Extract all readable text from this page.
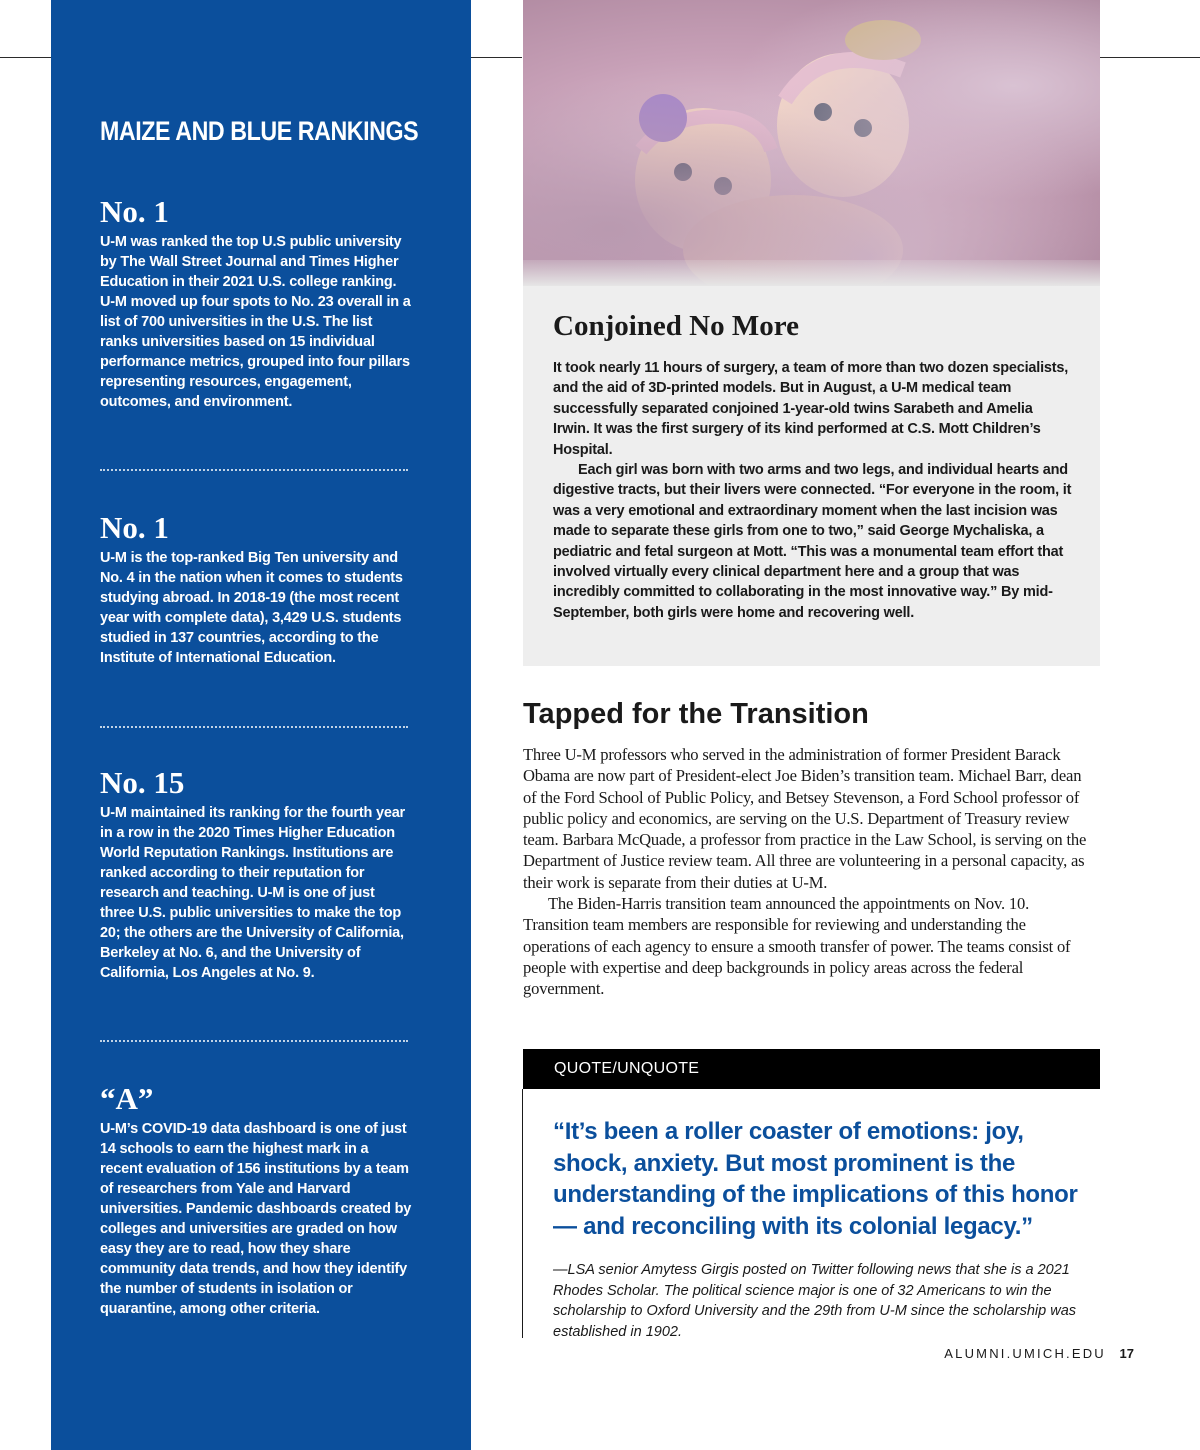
MAIZE AND BLUE RANKINGS
No. 1
U-M was ranked the top U.S public university by The Wall Street Journal and Times Higher Education in their 2021 U.S. college ranking. U-M moved up four spots to No. 23 overall in a list of 700 universities in the U.S. The list ranks universities based on 15 individual performance metrics, grouped into four pillars representing resources, engagement, outcomes, and environment.
No. 1
U-M is the top-ranked Big Ten university and No. 4 in the nation when it comes to students studying abroad. In 2018-19 (the most recent year with complete data), 3,429 U.S. students studied in 137 countries, according to the Institute of International Education.
No. 15
U-M maintained its ranking for the fourth year in a row in the 2020 Times Higher Education World Reputation Rankings. Institutions are ranked according to their reputation for research and teaching. U-M is one of just three U.S. public universities to make the top 20; the others are the University of California, Berkeley at No. 6, and the University of California, Los Angeles at No. 9.
“A”
U-M’s COVID-19 data dashboard is one of just 14 schools to earn the highest mark in a recent evaluation of 156 institutions by a team of researchers from Yale and Harvard universities. Pandemic dashboards created by colleges and universities are graded on how easy they are to read, how they share community data trends, and how they identify the number of students in isolation or quarantine, among other criteria.
Conjoined No More

It took nearly 11 hours of surgery, a team of more than two dozen specialists, and the aid of 3D-printed models. But in August, a U-M medical team successfully separated conjoined 1-year-old twins Sarabeth and Amelia Irwin. It was the first surgery of its kind performed at C.S. Mott Children’s Hospital.

Each girl was born with two arms and two legs, and individual hearts and digestive tracts, but their livers were connected. “For everyone in the room, it was a very emotional and extraordinary moment when the last incision was made to separate these girls from one to two,” said George Mychaliska, a pediatric and fetal surgeon at Mott. “This was a monumental team effort that involved virtually every clinical department here and a group that was incredibly committed to collaborating in the most innovative way.” By mid-September, both girls were home and recovering well.

Tapped for the Transition

Three U-M professors who served in the administration of former President Barack Obama are now part of President-elect Joe Biden’s transition team. Michael Barr, dean of the Ford School of Public Policy, and Betsey Stevenson, a Ford School professor of public policy and economics, are serving on the U.S. Department of Treasury review team. Barbara McQuade, a professor from practice in the Law School, is serving on the Department of Justice review team. All three are volunteering in a personal capacity, as their work is separate from their duties at U-M.

The Biden-Harris transition team announced the appointments on Nov. 10. Transition team members are responsible for reviewing and understanding the operations of each agency to ensure a smooth transfer of power. The teams consist of people with expertise and deep backgrounds in policy areas across the federal government.

QUOTE/UNQUOTE
“It’s been a roller coaster of emotions: joy, shock, anxiety. But most prominent is the understanding of the implications of this honor — and reconciling with its colonial legacy.”
—LSA senior Amytess Girgis posted on Twitter following news that she is a 2021 Rhodes Scholar. The political science major is one of 32 Americans to win the scholarship to Oxford University and the 29th from U-M since the scholarship was established in 1902.
ALUMNI.UMICH.EDU 17
